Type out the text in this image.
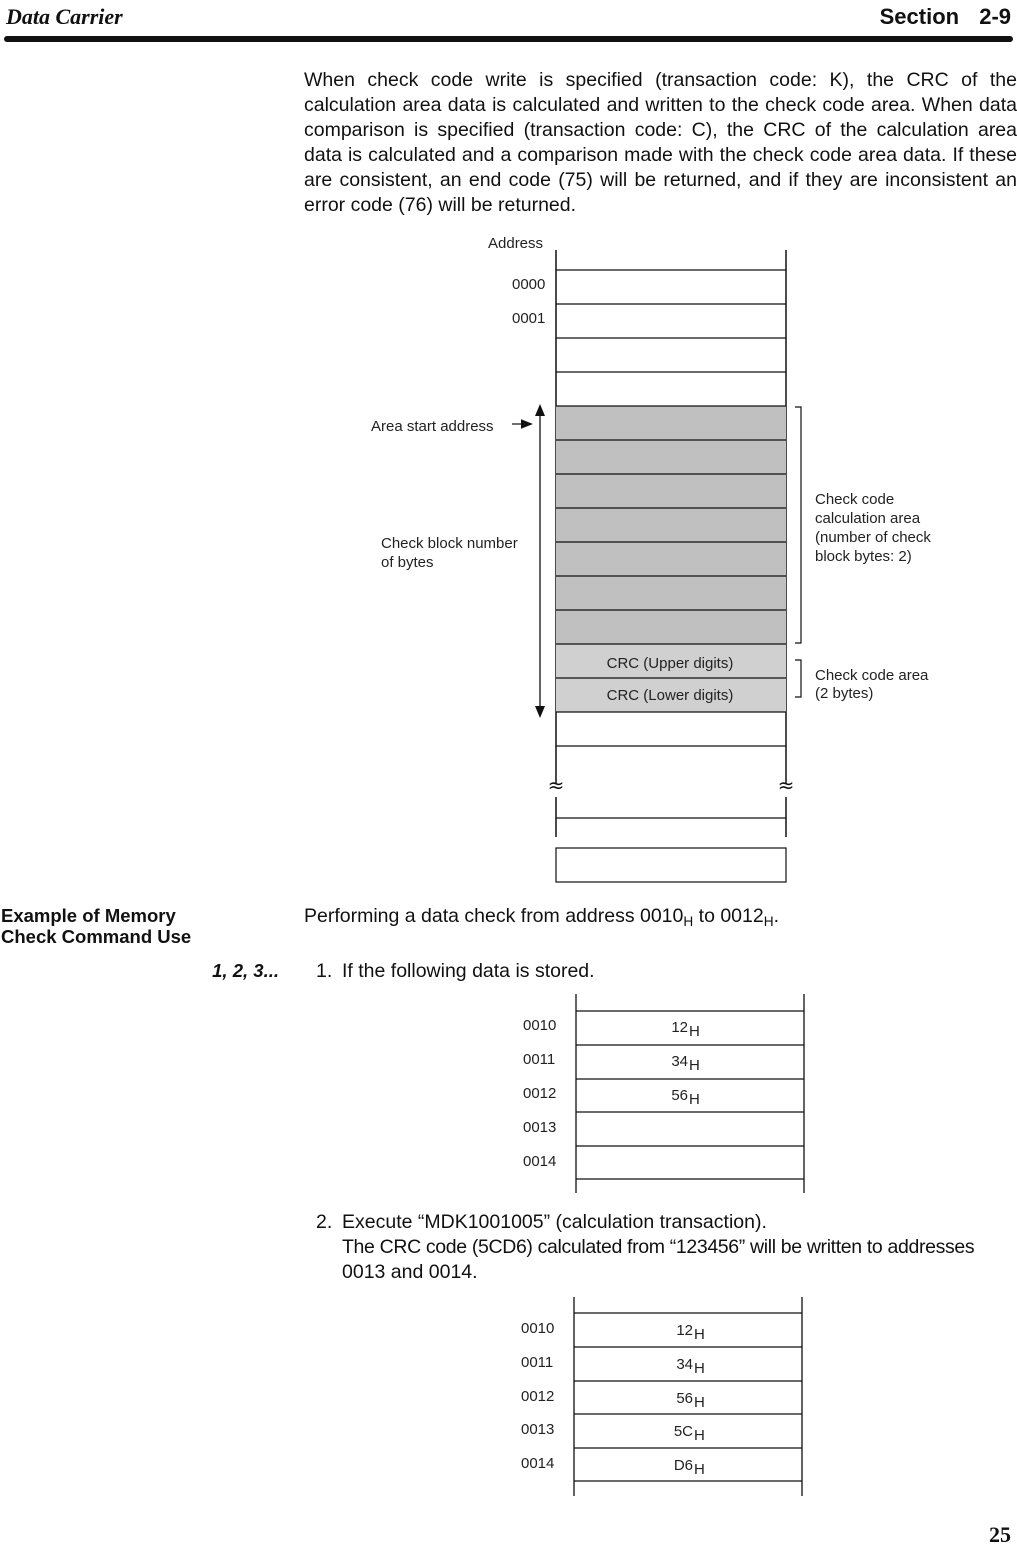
Data Carrier	Section 2-9
When check code write is specified (transaction code: K), the CRC of the calculation area data is calculated and written to the check code area. When data comparison is specified (transaction code: C), the CRC of the calculation area data is calculated and a comparison made with the check code area data. If these are consistent, an end code (75) will be returned, and if they are inconsistent an error code (76) will be returned.
Address
0000
0001
CRC (Upper digits)
CRC (Lower digits)
≈	≈
Area start address
Check block number
of bytes
Check code
calculation area
(number of check
block bytes: 2)
Check code area
(2 bytes)
0010
0011
0012
0013
0014
12 H
34 H
56 H
0010
0011
0012
0013
0014
12 H
34 H
56 H
5C H
D6 H
Example of Memory
Check Command Use
Performing a data check from address $0010_H$ to $0012_H$.
1, 2, 3... 1. If the following data is stored.
2. Execute “MDK1001005” (calculation transaction).
The CRC code (5CD6) calculated from “123456” will be written to addresses
0013 and 0014.
25
